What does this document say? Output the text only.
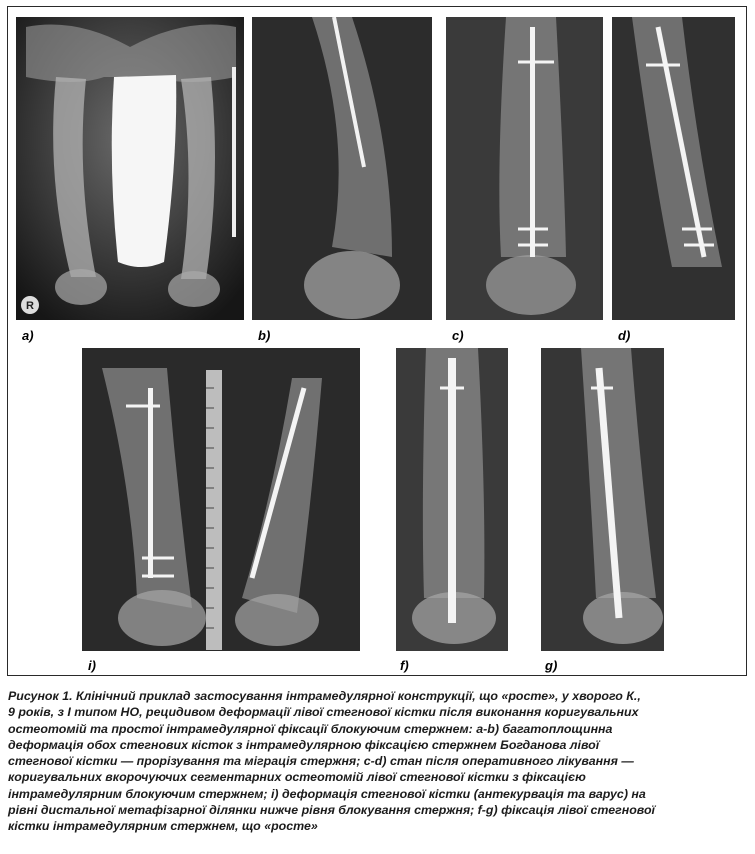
R
a)	b)	c)	d)
i)	f)	g)
Рисунок 1. Клінічний приклад застосування інтрамедулярної конструкції, що «росте», у хворого К.,
9 років, з І типом НО, рецидивом деформації лівої стегнової кістки після виконання коригувальних
остеотомій та простої інтрамедулярної фіксації блокуючим стержнем: a-b) багатоплощинна
деформація обох стегнових кісток з інтрамедулярною фіксацією стержнем Богданова лівої
стегнової кістки — прорізування та міграція стержня; c-d) стан після оперативного лікування —
коригувальних вкорочуючих сегментарних остеотомій лівої стегнової кістки з фіксацією
інтрамедулярним блокуючим стержнем; i) деформація стегнової кістки (антекурвація та варус) на
рівні дистальної метафізарної ділянки нижче рівня блокування стержня; f-g) фіксація лівої стегнової
кістки інтрамедулярним стержнем, що «росте»
